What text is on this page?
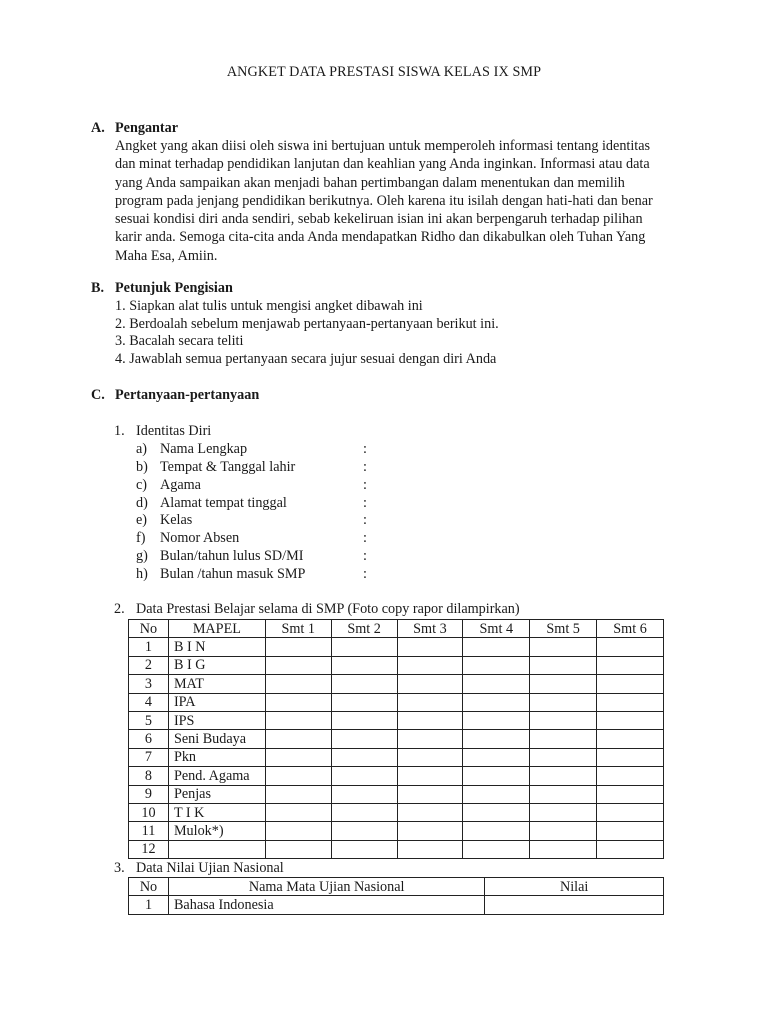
ANGKET DATA PRESTASI SISWA KELAS IX SMP
A. Pengantar
Angket yang akan diisi oleh siswa ini bertujuan untuk memperoleh informasi tentang identitas
dan minat terhadap pendidikan lanjutan dan keahlian yang Anda inginkan. Informasi atau data
yang Anda sampaikan akan menjadi bahan pertimbangan dalam menentukan dan memilih
program pada jenjang pendidikan berikutnya. Oleh karena itu isilah dengan hati-hati dan benar
sesuai kondisi diri anda sendiri, sebab kekeliruan isian ini akan berpengaruh terhadap pilihan
karir anda. Semoga cita-cita anda Anda mendapatkan Ridho dan dikabulkan oleh Tuhan Yang
Maha Esa, Amiin.
B. Petunjuk Pengisian
1. Siapkan alat tulis untuk mengisi angket dibawah ini
2. Berdoalah sebelum menjawab pertanyaan-pertanyaan berikut ini.
3. Bacalah secara teliti
4. Jawablah semua pertanyaan secara jujur sesuai dengan diri Anda
C. Pertanyaan-pertanyaan
1. Identitas Diri
a) Nama Lengkap	:
b) Tempat & Tanggal lahir	:
c) Agama	:
d) Alamat tempat tinggal	:
e) Kelas	:
f) Nomor Absen	:
g) Bulan/tahun lulus SD/MI	:
h) Bulan /tahun masuk SMP	:
2. Data Prestasi Belajar selama di SMP (Foto copy rapor dilampirkan)
No	MAPEL	Smt 1	Smt 2	Smt 3	Smt 4	Smt 5	Smt 6
1	B I N						
2	B I G						
3	MAT						
4	IPA						
5	IPS						
6	Seni Budaya						
7	Pkn						
8	Pend. Agama						
9	Penjas						
10	T I K						
11	Mulok*)						
12							
3. Data Nilai Ujian Nasional
No	Nama Mata Ujian Nasional	Nilai
1	Bahasa Indonesia	
